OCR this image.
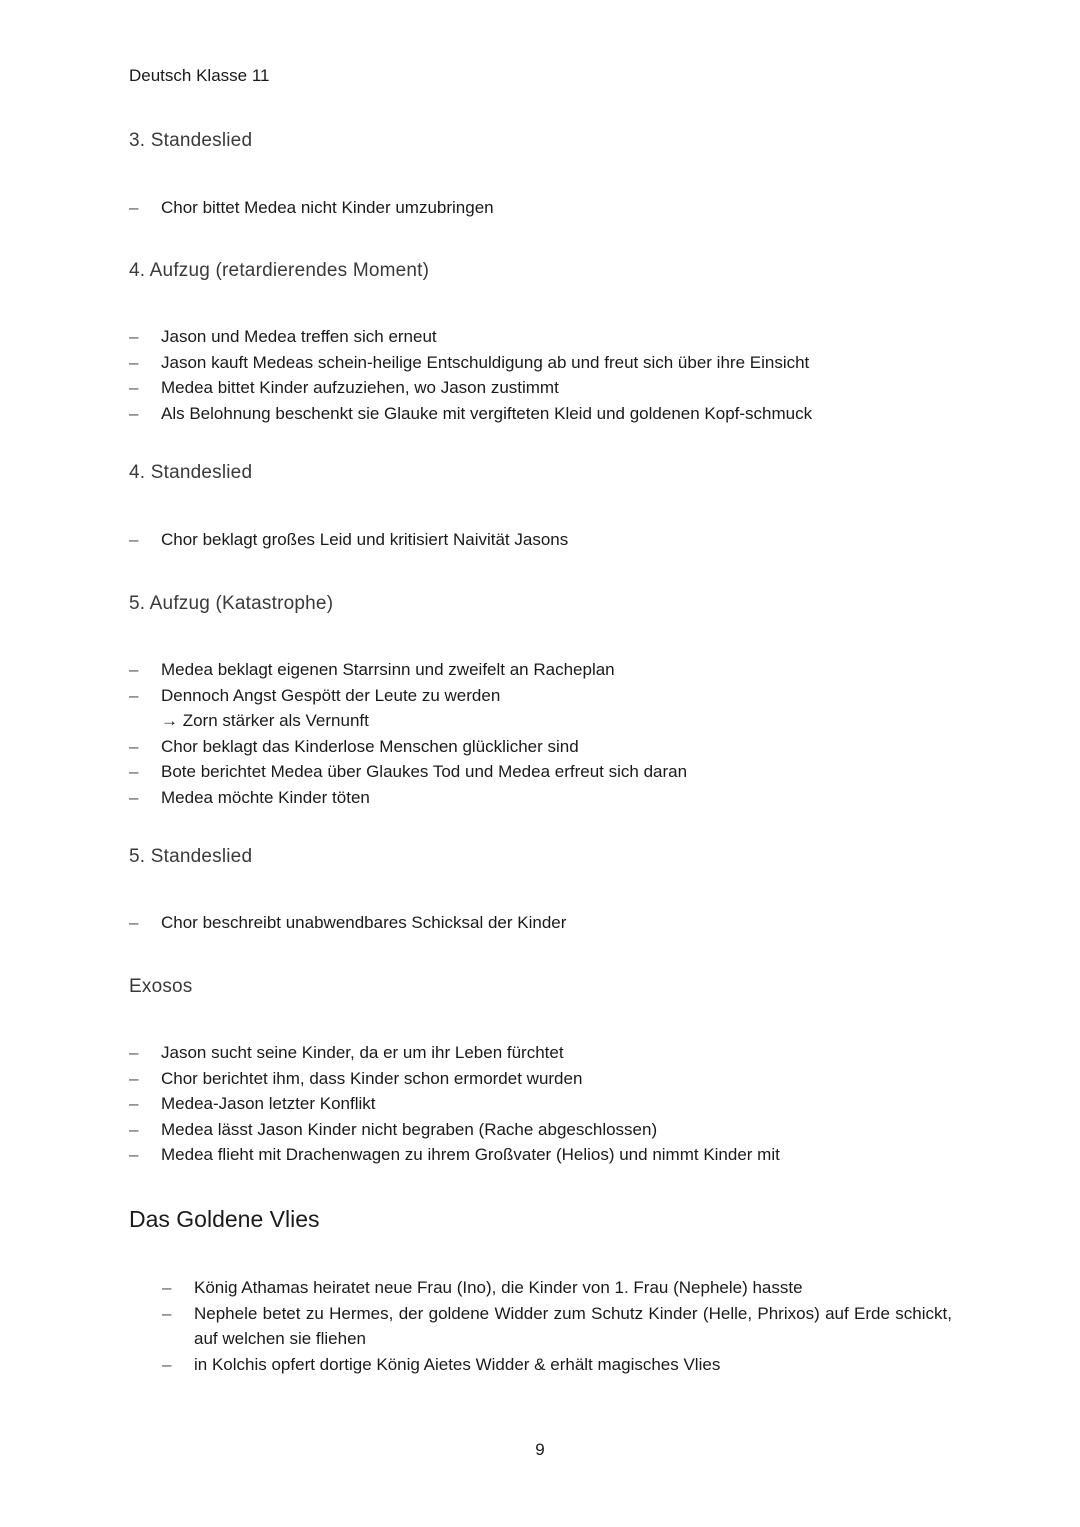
Deutsch Klasse 11
3. Standeslied
– Chor bittet Medea nicht Kinder umzubringen
4. Aufzug (retardierendes Moment)
– Jason und Medea treffen sich erneut
– Jason kauft Medeas schein-heilige Entschuldigung ab und freut sich über ihre Einsicht
– Medea bittet Kinder aufzuziehen, wo Jason zustimmt
– Als Belohnung beschenkt sie Glauke mit vergifteten Kleid und goldenen Kopf-schmuck
4. Standeslied
– Chor beklagt großes Leid und kritisiert Naivität Jasons
5. Aufzug (Katastrophe)
– Medea beklagt eigenen Starrsinn und zweifelt an Racheplan
– Dennoch Angst Gespött der Leute zu werden
→ Zorn stärker als Vernunft
– Chor beklagt das Kinderlose Menschen glücklicher sind
– Bote berichtet Medea über Glaukes Tod und Medea erfreut sich daran
– Medea möchte Kinder töten
5. Standeslied
– Chor beschreibt unabwendbares Schicksal der Kinder
Exosos
– Jason sucht seine Kinder, da er um ihr Leben fürchtet
– Chor berichtet ihm, dass Kinder schon ermordet wurden
– Medea-Jason letzter Konflikt
– Medea lässt Jason Kinder nicht begraben (Rache abgeschlossen)
– Medea flieht mit Drachenwagen zu ihrem Großvater (Helios) und nimmt Kinder mit
Das Goldene Vlies
– König Athamas heiratet neue Frau (Ino), die Kinder von 1. Frau (Nephele) hasste
– Nephele betet zu Hermes, der goldene Widder zum Schutz Kinder (Helle, Phrixos) auf Erde schickt, auf welchen sie fliehen
– in Kolchis opfert dortige König Aietes Widder & erhält magisches Vlies
9
